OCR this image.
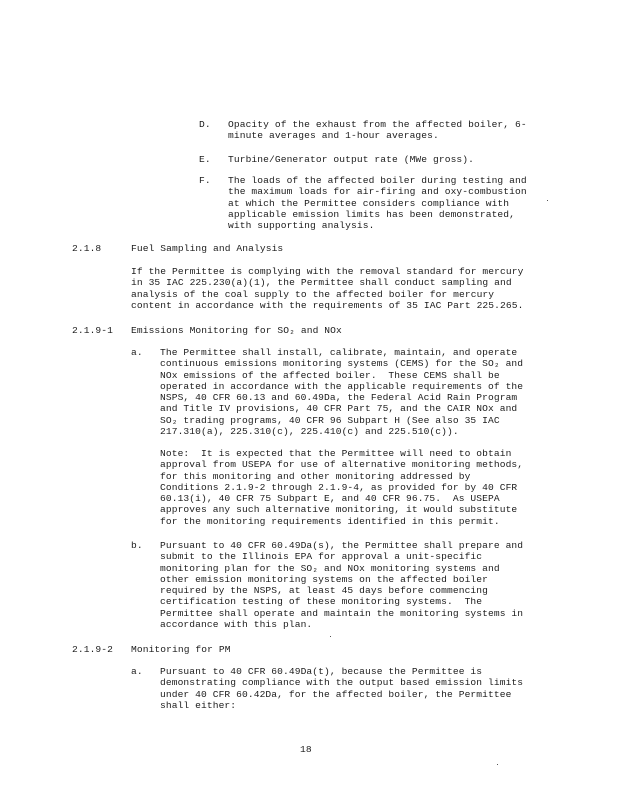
D. Opacity of the exhaust from the affected boiler, 6-
minute averages and 1-hour averages.
E. Turbine/Generator output rate (MWe gross).
F. The loads of the affected boiler during testing and
the maximum loads for air-firing and oxy-combustion
at which the Permittee considers compliance with
applicable emission limits has been demonstrated,
with supporting analysis.
2.1.8	Fuel Sampling and Analysis
If the Permittee is complying with the removal standard for mercury
in 35 IAC 225.230(a)(1), the Permittee shall conduct sampling and
analysis of the coal supply to the affected boiler for mercury
content in accordance with the requirements of 35 IAC Part 225.265.
2.1.9-1 Emissions Monitoring for SO₂ and NOx
a. The Permittee shall install, calibrate, maintain, and operate
continuous emissions monitoring systems (CEMS) for the SO₂ and
NOx emissions of the affected boiler.  These CEMS shall be
operated in accordance with the applicable requirements of the
NSPS, 40 CFR 60.13 and 60.49Da, the Federal Acid Rain Program
and Title IV provisions, 40 CFR Part 75, and the CAIR NOx and
SO₂ trading programs, 40 CFR 96 Subpart H (See also 35 IAC
217.310(a), 225.310(c), 225.410(c) and 225.510(c)).
Note:  It is expected that the Permittee will need to obtain
approval from USEPA for use of alternative monitoring methods,
for this monitoring and other monitoring addressed by
Conditions 2.1.9-2 through 2.1.9-4, as provided for by 40 CFR
60.13(i), 40 CFR 75 Subpart E, and 40 CFR 96.75.  As USEPA
approves any such alternative monitoring, it would substitute
for the monitoring requirements identified in this permit.
b. Pursuant to 40 CFR 60.49Da(s), the Permittee shall prepare and
submit to the Illinois EPA for approval a unit-specific
monitoring plan for the SO₂ and NOx monitoring systems and
other emission monitoring systems on the affected boiler
required by the NSPS, at least 45 days before commencing
certification testing of these monitoring systems.  The
Permittee shall operate and maintain the monitoring systems in
accordance with this plan.
2.1.9-2 Monitoring for PM
a. Pursuant to 40 CFR 60.49Da(t), because the Permittee is
demonstrating compliance with the output based emission limits
under 40 CFR 60.42Da, for the affected boiler, the Permittee
shall either:
18
